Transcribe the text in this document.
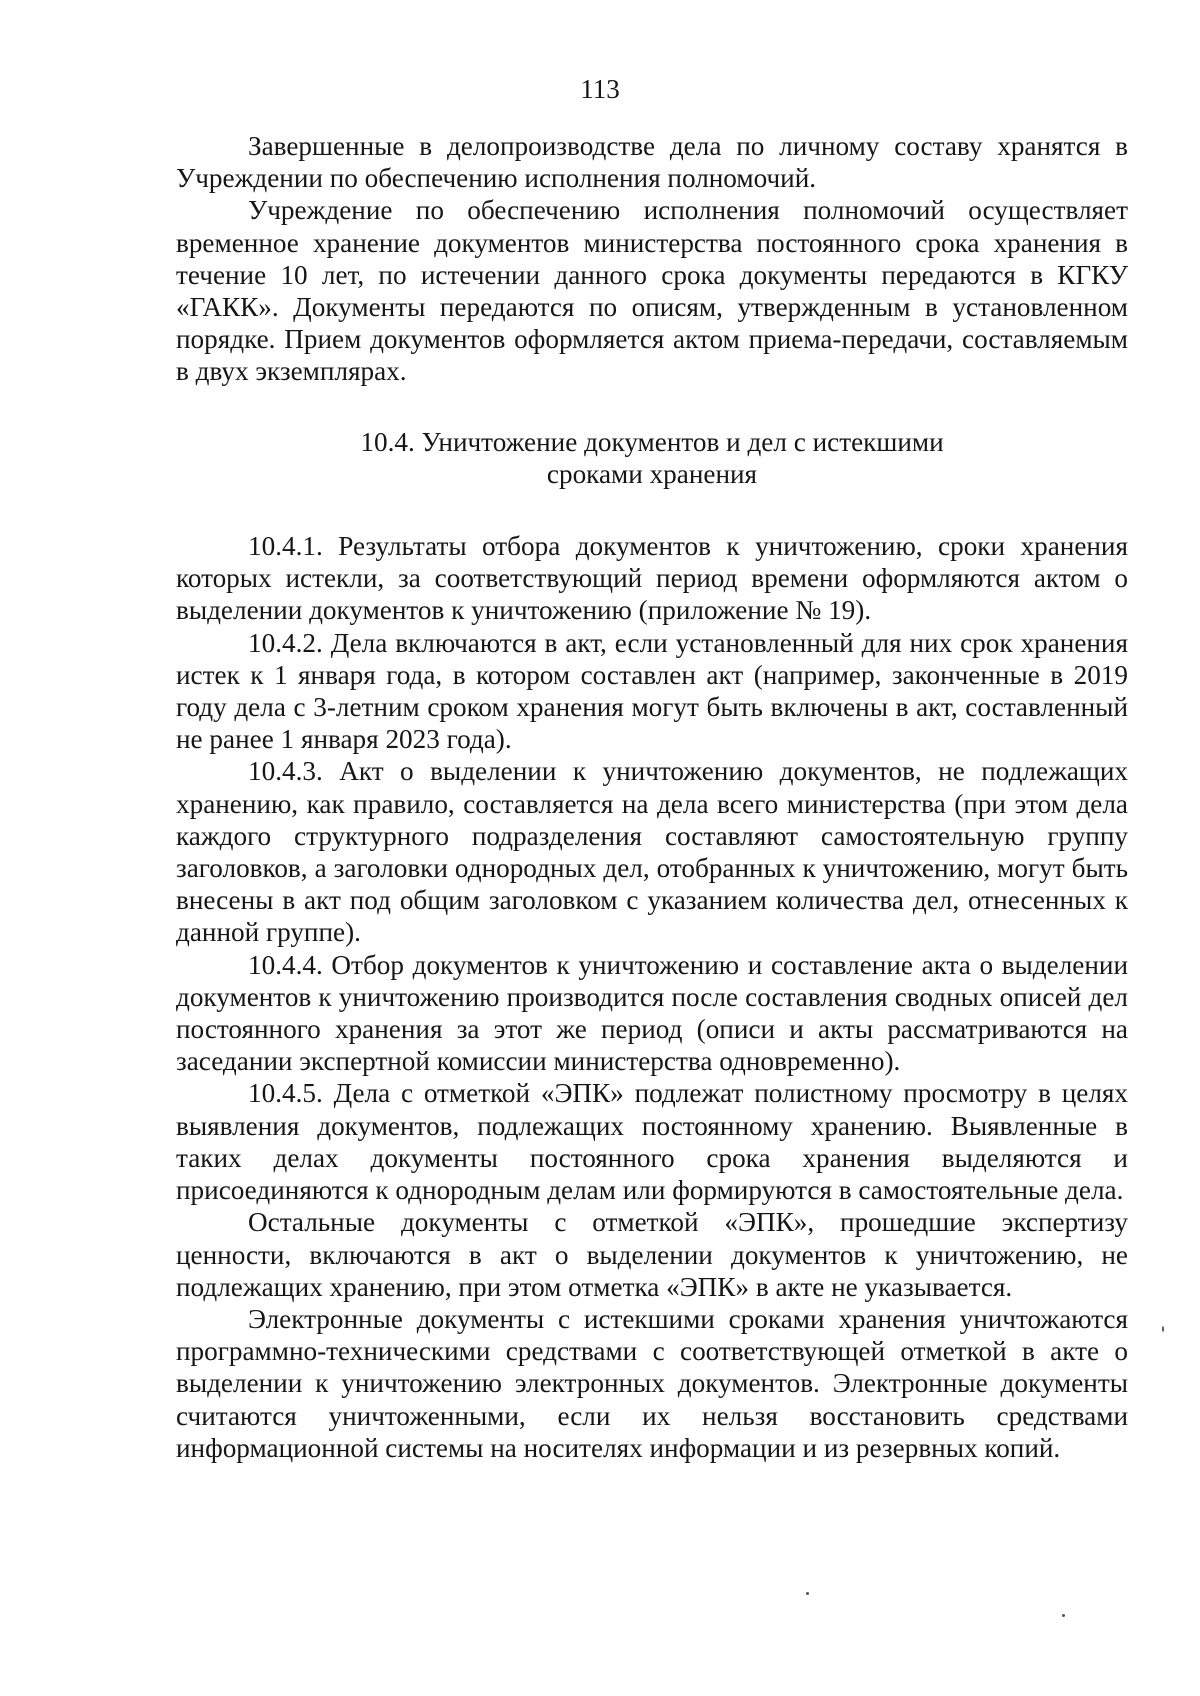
113

Завершенные в делопроизводстве дела по личному составу хранятся в Учреждении по обеспечению исполнения полномочий.

Учреждение по обеспечению исполнения полномочий осуществляет временное хранение документов министерства постоянного срока хранения в течение 10 лет, по истечении данного срока документы передаются в КГКУ «ГАКК». Документы передаются по описям, утвержденным в установленном порядке. Прием документов оформляется актом приема-передачи, составляемым в двух экземплярах.

10.4. Уничтожение документов и дел с истекшими
сроками хранения

10.4.1. Результаты отбора документов к уничтожению, сроки хранения которых истекли, за соответствующий период времени оформляются актом о выделении документов к уничтожению (приложение № 19).

10.4.2. Дела включаются в акт, если установленный для них срок хранения истек к 1 января года, в котором составлен акт (например, законченные в 2019 году дела с 3-летним сроком хранения могут быть включены в акт, составленный не ранее 1 января 2023 года).

10.4.3. Акт о выделении к уничтожению документов, не подлежащих хранению, как правило, составляется на дела всего министерства (при этом дела каждого структурного подразделения составляют самостоятельную группу заголовков, а заголовки однородных дел, отобранных к уничтожению, могут быть внесены в акт под общим заголовком с указанием количества дел, отнесенных к данной группе).

10.4.4. Отбор документов к уничтожению и составление акта о выделении документов к уничтожению производится после составления сводных описей дел постоянного хранения за этот же период (описи и акты рассматриваются на заседании экспертной комиссии министерства одновременно).

10.4.5. Дела с отметкой «ЭПК» подлежат полистному просмотру в целях выявления документов, подлежащих постоянному хранению. Выявленные в таких делах документы постоянного срока хранения выделяются и присоединяются к однородным делам или формируются в самостоятельные дела.

Остальные документы с отметкой «ЭПК», прошедшие экспертизу ценности, включаются в акт о выделении документов к уничтожению, не подлежащих хранению, при этом отметка «ЭПК» в акте не указывается.

Электронные документы с истекшими сроками хранения уничтожаются программно-техническими средствами с соответствующей отметкой в акте о выделении к уничтожению электронных документов. Электронные документы считаются уничтоженными, если их нельзя восстановить средствами информационной системы на носителях информации и из резервных копий.
